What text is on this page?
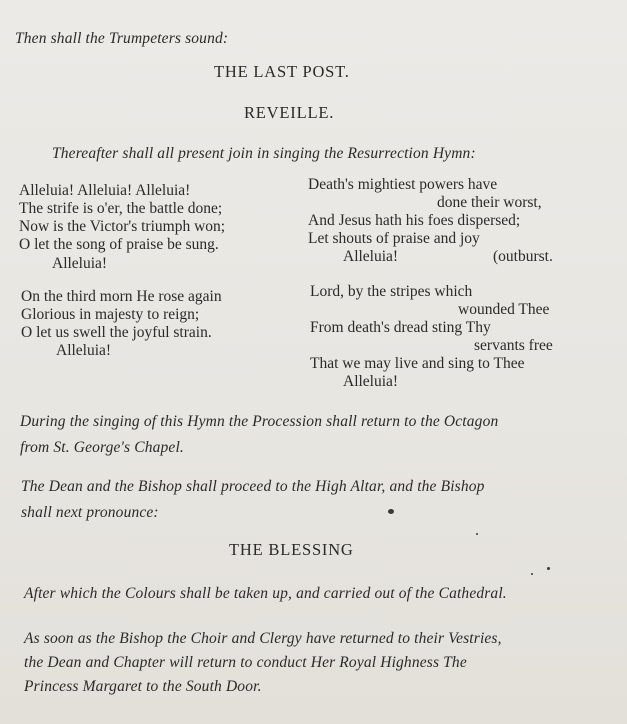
Then shall the Trumpeters sound:
THE LAST POST.
REVEILLE.
Thereafter shall all present join in singing the Resurrection Hymn:
Alleluia! Alleluia! Alleluia!
The strife is o'er, the battle done;
Now is the Victor's triumph won;
O let the song of praise be sung.
Alleluia!
On the third morn He rose again
Glorious in majesty to reign;
O let us swell the joyful strain.
Alleluia!
Death's mightiest powers have
done their worst,
And Jesus hath his foes dispersed;
Let shouts of praise and joy
Alleluia!	(outburst.
Lord, by the stripes which
wounded Thee
From death's dread sting Thy
servants free
That we may live and sing to Thee
Alleluia!
During the singing of this Hymn the Procession shall return to the Octagon
from St. George's Chapel.
The Dean and the Bishop shall proceed to the High Altar, and the Bishop
shall next pronounce:
THE BLESSING
After which the Colours shall be taken up, and carried out of the Cathedral.
As soon as the Bishop the Choir and Clergy have returned to their Vestries,
the Dean and Chapter will return to conduct Her Royal Highness The
Princess Margaret to the South Door.
